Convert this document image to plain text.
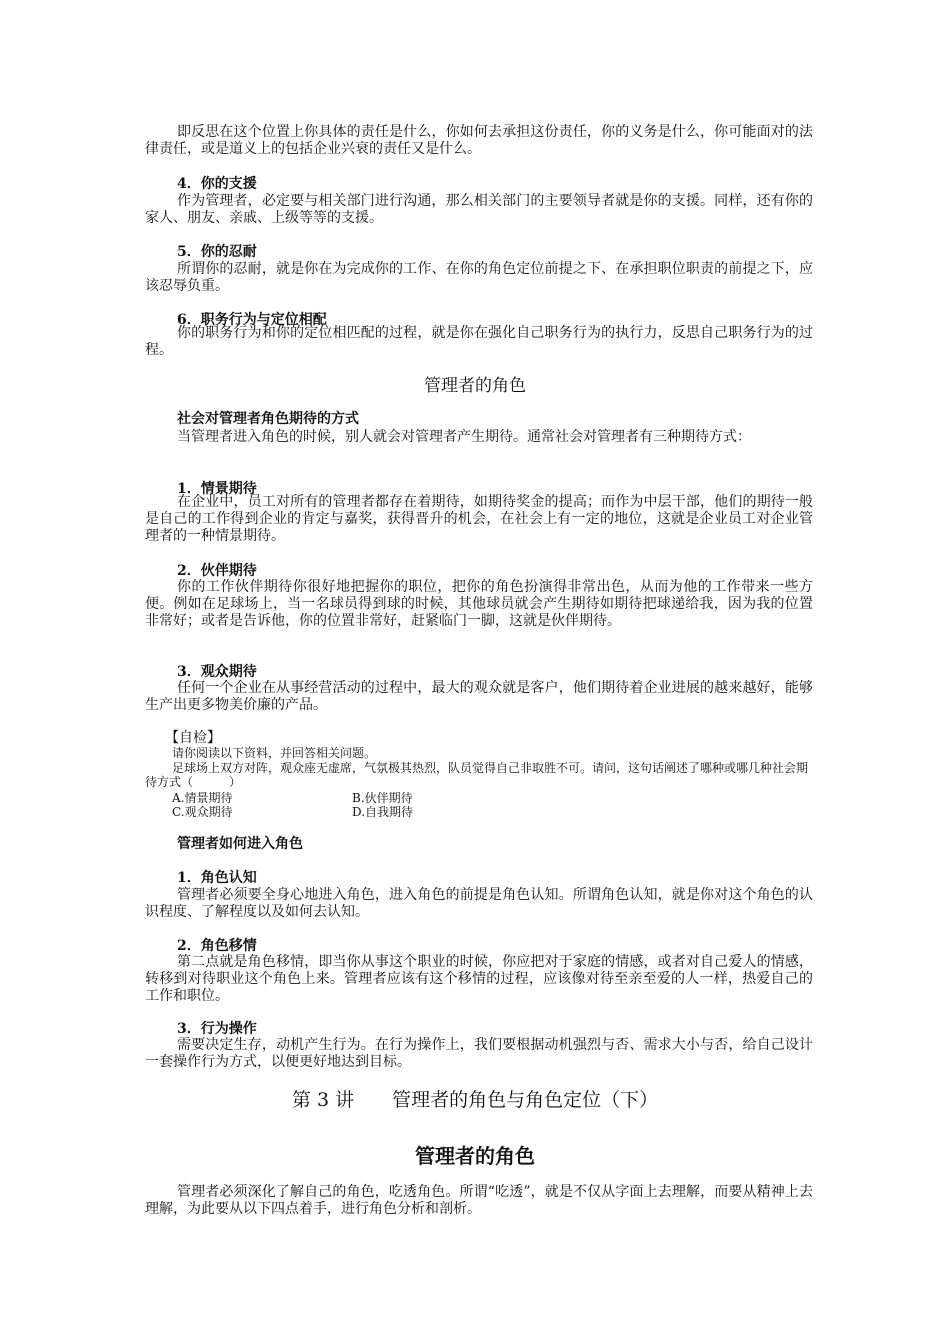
即反思在这个位置上你具体的责任是什么，你如何去承担这份责任，你的义务是什么，你可能面对的法律责任，或是道义上的包括企业兴衰的责任又是什么。

4．你的支援

作为管理者，必定要与相关部门进行沟通，那么相关部门的主要领导者就是你的支援。同样，还有你的家人、朋友、亲戚、上级等等的支援。

5．你的忍耐

所谓你的忍耐，就是你在为完成你的工作、在你的角色定位前提之下、在承担职位职责的前提之下，应该忍辱负重。

6．职务行为与定位相配

你的职务行为和你的定位相匹配的过程，就是你在强化自己职务行为的执行力，反思自己职务行为的过程。

管理者的角色

社会对管理者角色期待的方式

当管理者进入角色的时候，别人就会对管理者产生期待。通常社会对管理者有三种期待方式：

1．情景期待

在企业中，员工对所有的管理者都存在着期待，如期待奖金的提高；而作为中层干部，他们的期待一般是自己的工作得到企业的肯定与嘉奖，获得晋升的机会，在社会上有一定的地位，这就是企业员工对企业管理者的一种情景期待。

2．伙伴期待

你的工作伙伴期待你很好地把握你的职位，把你的角色扮演得非常出色，从而为他的工作带来一些方便。例如在足球场上，当一名球员得到球的时候，其他球员就会产生期待如期待把球递给我，因为我的位置非常好；或者是告诉他，你的位置非常好，赶紧临门一脚，这就是伙伴期待。

3．观众期待

任何一个企业在从事经营活动的过程中，最大的观众就是客户，他们期待着企业进展的越来越好，能够生产出更多物美价廉的产品。

【自检】

请你阅读以下资料，并回答相关问题。

足球场上双方对阵，观众座无虚席，气氛极其热烈，队员觉得自己非取胜不可。请问，这句话阐述了哪种或哪几种社会期待方式（　　　）

A.情景期待	B.伙伴期待
C.观众期待	D.自我期待

管理者如何进入角色

1．角色认知

管理者必须要全身心地进入角色，进入角色的前提是角色认知。所谓角色认知，就是你对这个角色的认识程度、了解程度以及如何去认知。

2．角色移情

第二点就是角色移情，即当你从事这个职业的时候，你应把对于家庭的情感，或者对自己爱人的情感，转移到对待职业这个角色上来。管理者应该有这个移情的过程，应该像对待至亲至爱的人一样，热爱自己的工作和职位。

3．行为操作

需要决定生存，动机产生行为。在行为操作上，我们要根据动机强烈与否、需求大小与否，给自己设计一套操作行为方式，以便更好地达到目标。

第 3 讲　　管理者的角色与角色定位（下）

管理者的角色

管理者必须深化了解自己的角色，吃透角色。所谓“吃透”，就是不仅从字面上去理解，而要从精神上去理解，为此要从以下四点着手，进行角色分析和剖析。
